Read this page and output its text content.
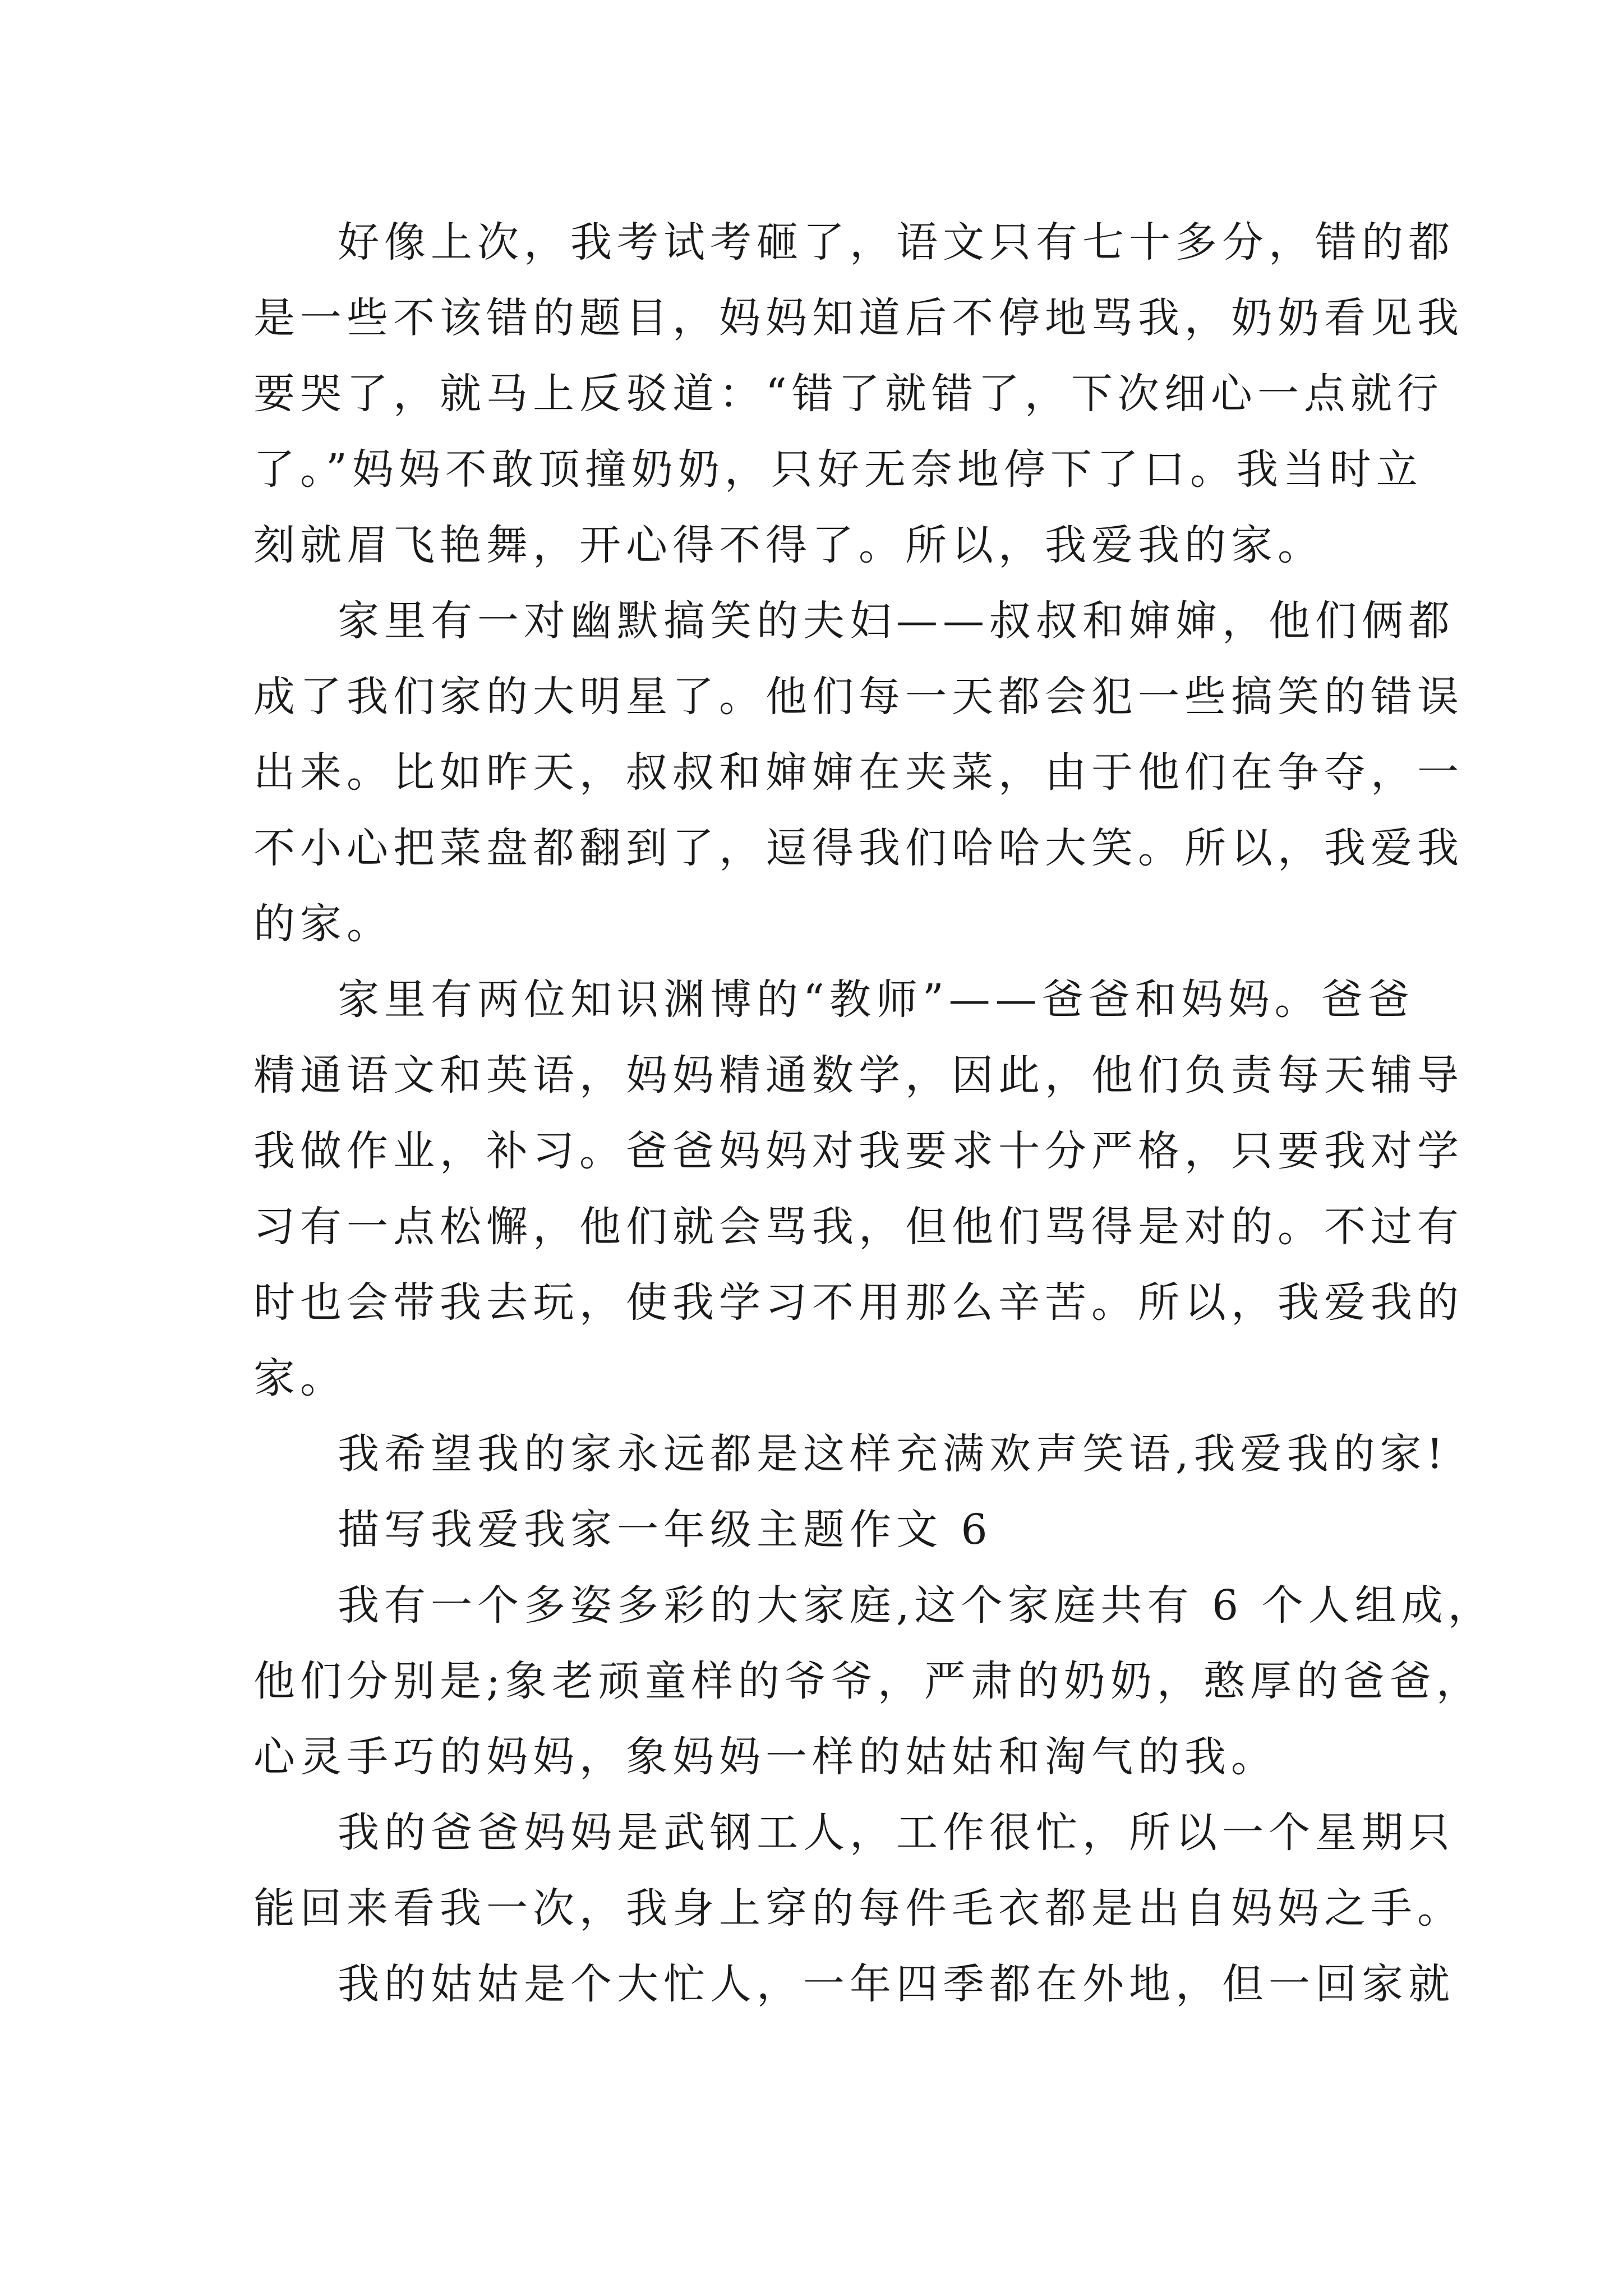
好像上次，我考试考砸了，语文只有七十多分，错的都
是一些不该错的题目，妈妈知道后不停地骂我，奶奶看见我
要哭了，就马上反驳道：“错了就错了，下次细心一点就行
了。”妈妈不敢顶撞奶奶，只好无奈地停下了口。我当时立
刻就眉飞艳舞，开心得不得了。所以，我爱我的家。
家里有一对幽默搞笑的夫妇——叔叔和婶婶，他们俩都
成了我们家的大明星了。他们每一天都会犯一些搞笑的错误
出来。比如昨天，叔叔和婶婶在夹菜，由于他们在争夺，一
不小心把菜盘都翻到了，逗得我们哈哈大笑。所以，我爱我
的家。
家里有两位知识渊博的“教师”——爸爸和妈妈。爸爸
精通语文和英语，妈妈精通数学，因此，他们负责每天辅导
我做作业，补习。爸爸妈妈对我要求十分严格，只要我对学
习有一点松懈，他们就会骂我，但他们骂得是对的。不过有
时也会带我去玩，使我学习不用那么辛苦。所以，我爱我的
家。
我希望我的家永远都是这样充满欢声笑语,我爱我的家!
描写我爱我家一年级主题作文 6
我有一个多姿多彩的大家庭,这个家庭共有 6 个人组成，
他们分别是;象老顽童样的爷爷，严肃的奶奶，憨厚的爸爸，
心灵手巧的妈妈，象妈妈一样的姑姑和淘气的我。
我的爸爸妈妈是武钢工人，工作很忙，所以一个星期只
能回来看我一次，我身上穿的每件毛衣都是出自妈妈之手。
我的姑姑是个大忙人，一年四季都在外地，但一回家就
